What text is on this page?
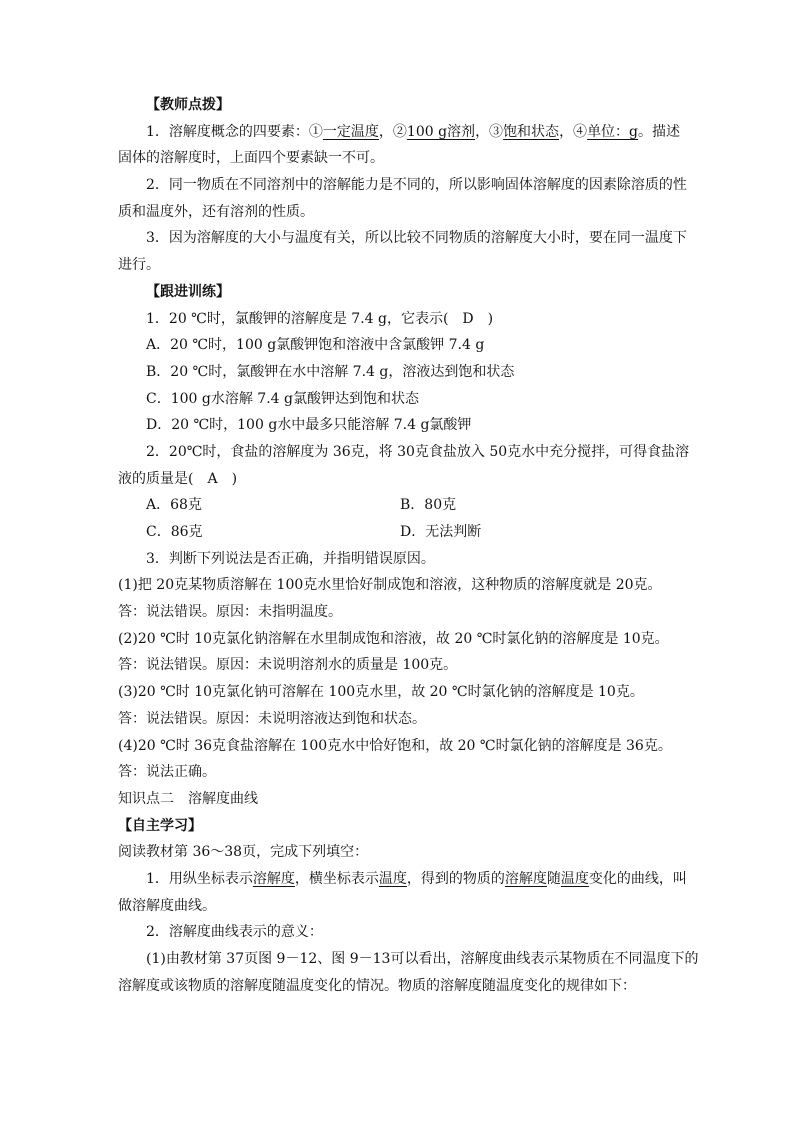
【教师点拨】
1．溶解度概念的四要素：①一定温度，②100 g溶剂，③饱和状态，④单位：g。描述
固体的溶解度时，上面四个要素缺一不可。
2．同一物质在不同溶剂中的溶解能力是不同的，所以影响固体溶解度的因素除溶质的性
质和温度外，还有溶剂的性质。
3．因为溶解度的大小与温度有关，所以比较不同物质的溶解度大小时，要在同一温度下
进行。
【跟进训练】
1．20 ℃时，氯酸钾的溶解度是 7.4 g，它表示(　D　)
A．20 ℃时，100 g氯酸钾饱和溶液中含氯酸钾 7.4 g
B．20 ℃时，氯酸钾在水中溶解 7.4 g，溶液达到饱和状态
C．100 g水溶解 7.4 g氯酸钾达到饱和状态
D．20 ℃时，100 g水中最多只能溶解 7.4 g氯酸钾
2．20℃时，食盐的溶解度为 36克，将 30克食盐放入 50克水中充分搅拌，可得食盐溶
液的质量是(　A　)
A．68克	B．80克
C．86克	D．无法判断
3．判断下列说法是否正确，并指明错误原因。
(1)把 20克某物质溶解在 100克水里恰好制成饱和溶液，这种物质的溶解度就是 20克。
答：说法错误。原因：未指明温度。
(2)20 ℃时 10克氯化钠溶解在水里制成饱和溶液，故 20 ℃时氯化钠的溶解度是 10克。
答：说法错误。原因：未说明溶剂水的质量是 100克。
(3)20 ℃时 10克氯化钠可溶解在 100克水里，故 20 ℃时氯化钠的溶解度是 10克。
答：说法错误。原因：未说明溶液达到饱和状态。
(4)20 ℃时 36克食盐溶解在 100克水中恰好饱和，故 20 ℃时氯化钠的溶解度是 36克。
答：说法正确。
知识点二　溶解度曲线
【自主学习】
阅读教材第 36～38页，完成下列填空：
1．用纵坐标表示溶解度，横坐标表示温度，得到的物质的溶解度随温度变化的曲线，叫
做溶解度曲线。
2．溶解度曲线表示的意义：
(1)由教材第 37页图 9－12、图 9－13可以看出，溶解度曲线表示某物质在不同温度下的
溶解度或该物质的溶解度随温度变化的情况。物质的溶解度随温度变化的规律如下：
